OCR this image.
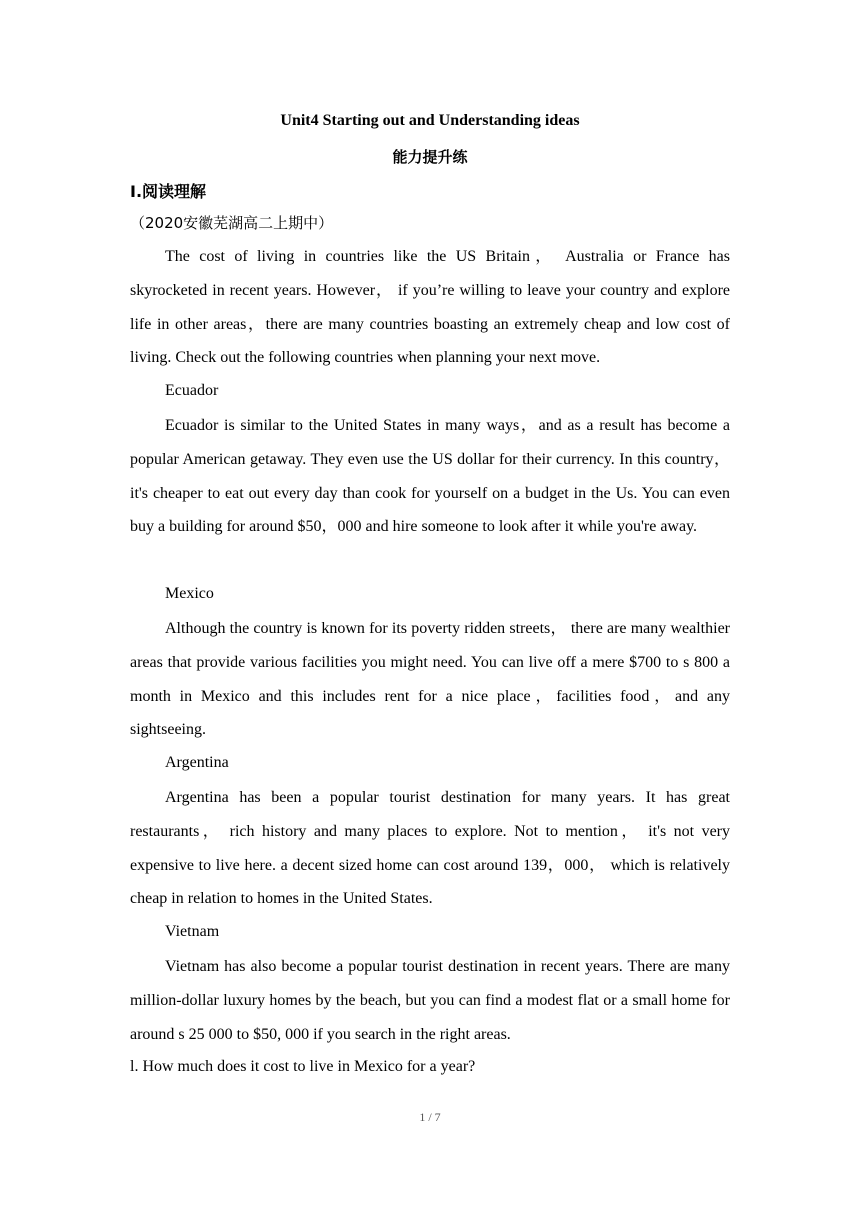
Unit4 Starting out and Understanding ideas
能力提升练
Ⅰ.阅读理解
（2020安徽芜湖高二上期中）

The cost of living in countries like the US Britain， Australia or France has skyrocketed in recent years. However， if you’re willing to leave your country and explore life in other areas，there are many countries boasting an extremely cheap and low cost of living. Check out the following countries when planning your next move.

Ecuador

Ecuador is similar to the United States in many ways，and as a result has become a popular American getaway. They even use the US dollar for their currency. In this country，it's cheaper to eat out every day than cook for yourself on a budget in the Us. You can even buy a building for around $50，000 and hire someone to look after it while you're away.

Mexico

Although the country is known for its poverty ridden streets， there are many wealthier areas that provide various facilities you might need. You can live off a mere $700 to s 800 a month in Mexico and this includes rent for a nice place，facilities food，and any sightseeing.

Argentina

Argentina has been a popular tourist destination for many years. It has great restaurants， rich history and many places to explore. Not to mention， it's not very expensive to live here. a decent sized home can cost around 139，000， which is relatively cheap in relation to homes in the United States.

Vietnam

Vietnam has also become a popular tourist destination in recent years. There are many million-dollar luxury homes by the beach, but you can find a modest flat or a small home for around s 25 000 to $50, 000 if you search in the right areas.

l. How much does it cost to live in Mexico for a year?
1 / 7
